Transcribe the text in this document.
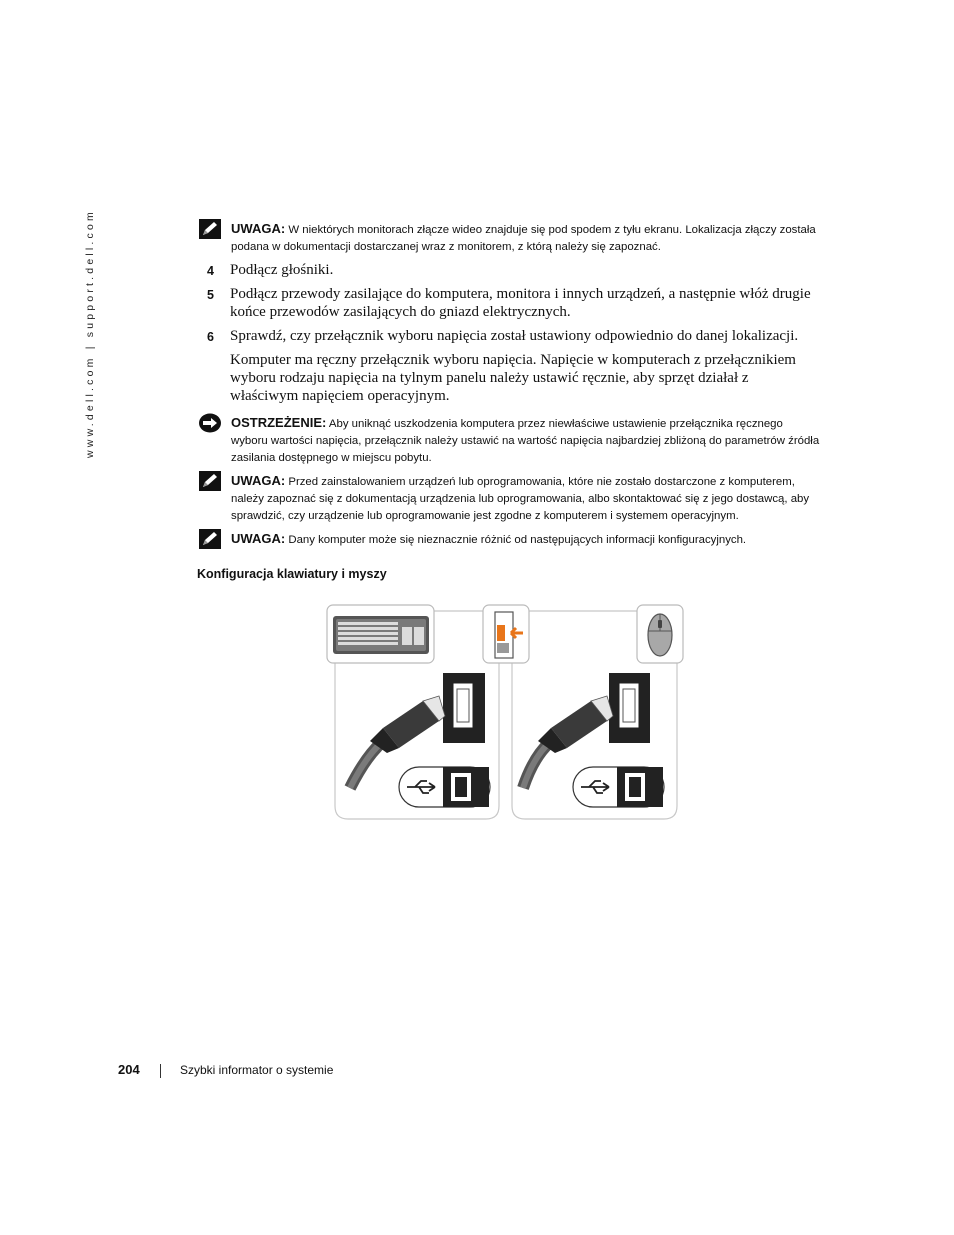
www.dell.com | support.dell.com	UWAGA: W niektórych monitorach złącze wideo znajduje się pod spodem z tyłu ekranu. Lokalizacja złączy została podana w dokumentacji dostarczanej wraz z monitorem, z którą należy się zapoznać.
4 Podłącz głośniki.
5 Podłącz przewody zasilające do komputera, monitora i innych urządzeń, a następnie włóż drugie końce przewodów zasilających do gniazd elektrycznych.
6 Sprawdź, czy przełącznik wyboru napięcia został ustawiony odpowiednio do danej lokalizacji.
Komputer ma ręczny przełącznik wyboru napięcia. Napięcie w komputerach z przełącznikiem wyboru rodzaju napięcia na tylnym panelu należy ustawić ręcznie, aby sprzęt działał z właściwym napięciem operacyjnym.
OSTRZEŻENIE: Aby uniknąć uszkodzenia komputera przez niewłaściwe ustawienie przełącznika ręcznego wyboru wartości napięcia, przełącznik należy ustawić na wartość napięcia najbardziej zbliżoną do parametrów źródła zasilania dostępnego w miejscu pobytu.
UWAGA: Przed zainstalowaniem urządzeń lub oprogramowania, które nie zostało dostarczone z komputerem, należy zapoznać się z dokumentacją urządzenia lub oprogramowania, albo skontaktować się z jego dostawcą, aby sprawdzić, czy urządzenie lub oprogramowanie jest zgodne z komputerem i systemem operacyjnym.
UWAGA: Dany komputer może się nieznacznie różnić od następujących informacji konfiguracyjnych.
Konfiguracja klawiatury i myszy
204	Szybki informator o systemie
